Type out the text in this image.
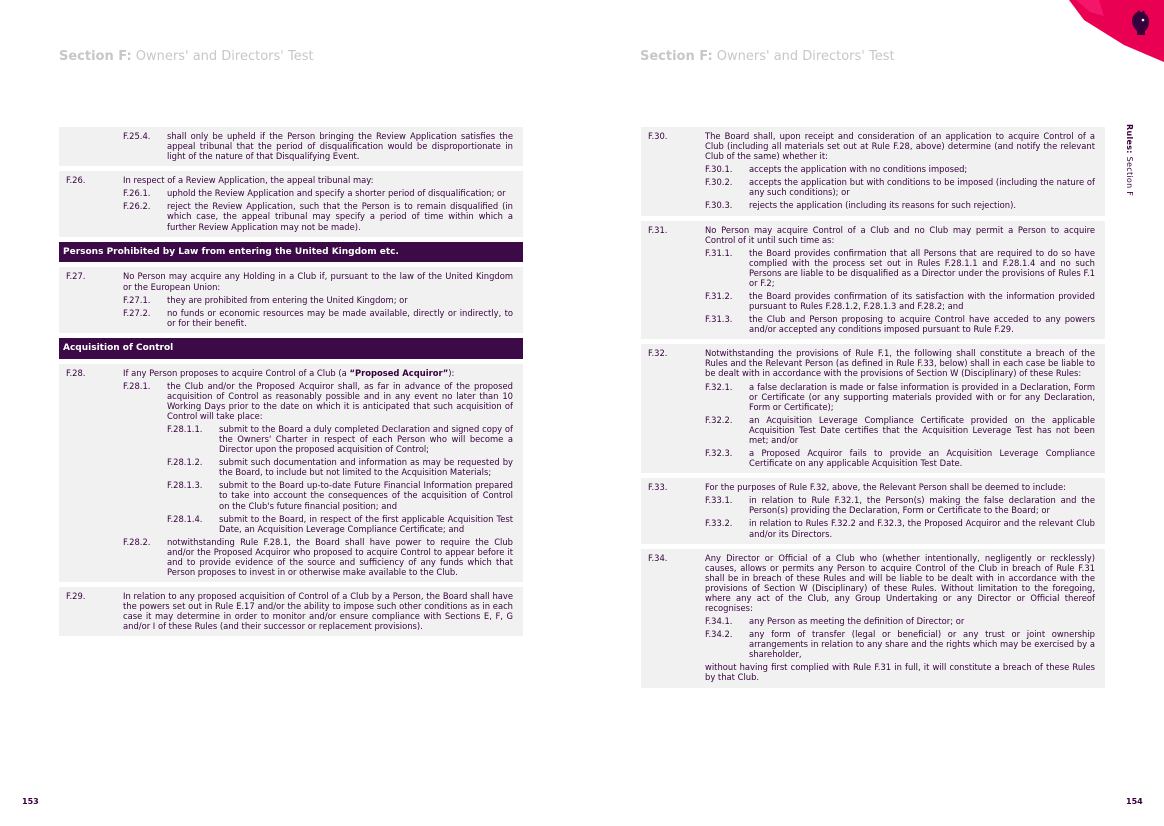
Section F: Owners' and Directors' Test	Section F: Owners' and Directors' Test
Rules: Section F
F.25.4.	shall only be upheld if the Person bringing the Review Application satisfies the appeal tribunal that the period of disqualification would be disproportionate in light of the nature of that Disqualifying Event.
F.26.	In respect of a Review Application, the appeal tribunal may:
F.26.1.	uphold the Review Application and specify a shorter period of disqualification; or
F.26.2.	reject the Review Application, such that the Person is to remain disqualified (in which case, the appeal tribunal may specify a period of time within which a further Review Application may not be made).
Persons Prohibited by Law from entering the United Kingdom etc.
F.27.	No Person may acquire any Holding in a Club if, pursuant to the law of the United Kingdom or the European Union:
F.27.1.	they are prohibited from entering the United Kingdom; or
F.27.2.	no funds or economic resources may be made available, directly or indirectly, to or for their benefit.
Acquisition of Control
F.28.	If any Person proposes to acquire Control of a Club (a “Proposed Acquiror”):
F.28.1.	the Club and/or the Proposed Acquiror shall, as far in advance of the proposed acquisition of Control as reasonably possible and in any event no later than 10 Working Days prior to the date on which it is anticipated that such acquisition of Control will take place:
F.28.1.1.	submit to the Board a duly completed Declaration and signed copy of the Owners' Charter in respect of each Person who will become a Director upon the proposed acquisition of Control;
F.28.1.2.	submit such documentation and information as may be requested by the Board, to include but not limited to the Acquisition Materials;
F.28.1.3.	submit to the Board up-to-date Future Financial Information prepared to take into account the consequences of the acquisition of Control on the Club's future financial position; and
F.28.1.4.	submit to the Board, in respect of the first applicable Acquisition Test Date, an Acquisition Leverage Compliance Certificate; and
F.28.2.	notwithstanding Rule F.28.1, the Board shall have power to require the Club and/or the Proposed Acquiror who proposed to acquire Control to appear before it and to provide evidence of the source and sufficiency of any funds which that Person proposes to invest in or otherwise make available to the Club.
F.29.	In relation to any proposed acquisition of Control of a Club by a Person, the Board shall have the powers set out in Rule E.17 and/or the ability to impose such other conditions as in each case it may determine in order to monitor and/or ensure compliance with Sections E, F, G and/or I of these Rules (and their successor or replacement provisions).
F.30.	The Board shall, upon receipt and consideration of an application to acquire Control of a Club (including all materials set out at Rule F.28, above) determine (and notify the relevant Club of the same) whether it:
F.30.1.	accepts the application with no conditions imposed;
F.30.2.	accepts the application but with conditions to be imposed (including the nature of any such conditions); or
F.30.3.	rejects the application (including its reasons for such rejection).
F.31.	No Person may acquire Control of a Club and no Club may permit a Person to acquire Control of it until such time as:
F.31.1.	the Board provides confirmation that all Persons that are required to do so have complied with the process set out in Rules F.28.1.1 and F.28.1.4 and no such Persons are liable to be disqualified as a Director under the provisions of Rules F.1 or F.2;
F.31.2.	the Board provides confirmation of its satisfaction with the information provided pursuant to Rules F.28.1.2, F.28.1.3 and F.28.2; and
F.31.3.	the Club and Person proposing to acquire Control have acceded to any powers and/or accepted any conditions imposed pursuant to Rule F.29.
F.32.	Notwithstanding the provisions of Rule F.1, the following shall constitute a breach of the Rules and the Relevant Person (as defined in Rule F.33, below) shall in each case be liable to be dealt with in accordance with the provisions of Section W (Disciplinary) of these Rules:
F.32.1.	a false declaration is made or false information is provided in a Declaration, Form or Certificate (or any supporting materials provided with or for any Declaration, Form or Certificate);
F.32.2.	an Acquisition Leverage Compliance Certificate provided on the applicable Acquisition Test Date certifies that the Acquisition Leverage Test has not been met; and/or
F.32.3.	a Proposed Acquiror fails to provide an Acquisition Leverage Compliance Certificate on any applicable Acquisition Test Date.
F.33.	For the purposes of Rule F.32, above, the Relevant Person shall be deemed to include:
F.33.1.	in relation to Rule F.32.1, the Person(s) making the false declaration and the Person(s) providing the Declaration, Form or Certificate to the Board; or
F.33.2.	in relation to Rules F.32.2 and F.32.3, the Proposed Acquiror and the relevant Club and/or its Directors.
F.34.	Any Director or Official of a Club who (whether intentionally, negligently or recklessly) causes, allows or permits any Person to acquire Control of the Club in breach of Rule F.31 shall be in breach of these Rules and will be liable to be dealt with in accordance with the provisions of Section W (Disciplinary) of these Rules. Without limitation to the foregoing, where any act of the Club, any Group Undertaking or any Director or Official thereof recognises:
F.34.1.	any Person as meeting the definition of Director; or
F.34.2.	any form of transfer (legal or beneficial) or any trust or joint ownership arrangements in relation to any share and the rights which may be exercised by a shareholder,
without having first complied with Rule F.31 in full, it will constitute a breach of these Rules by that Club.
153	154
